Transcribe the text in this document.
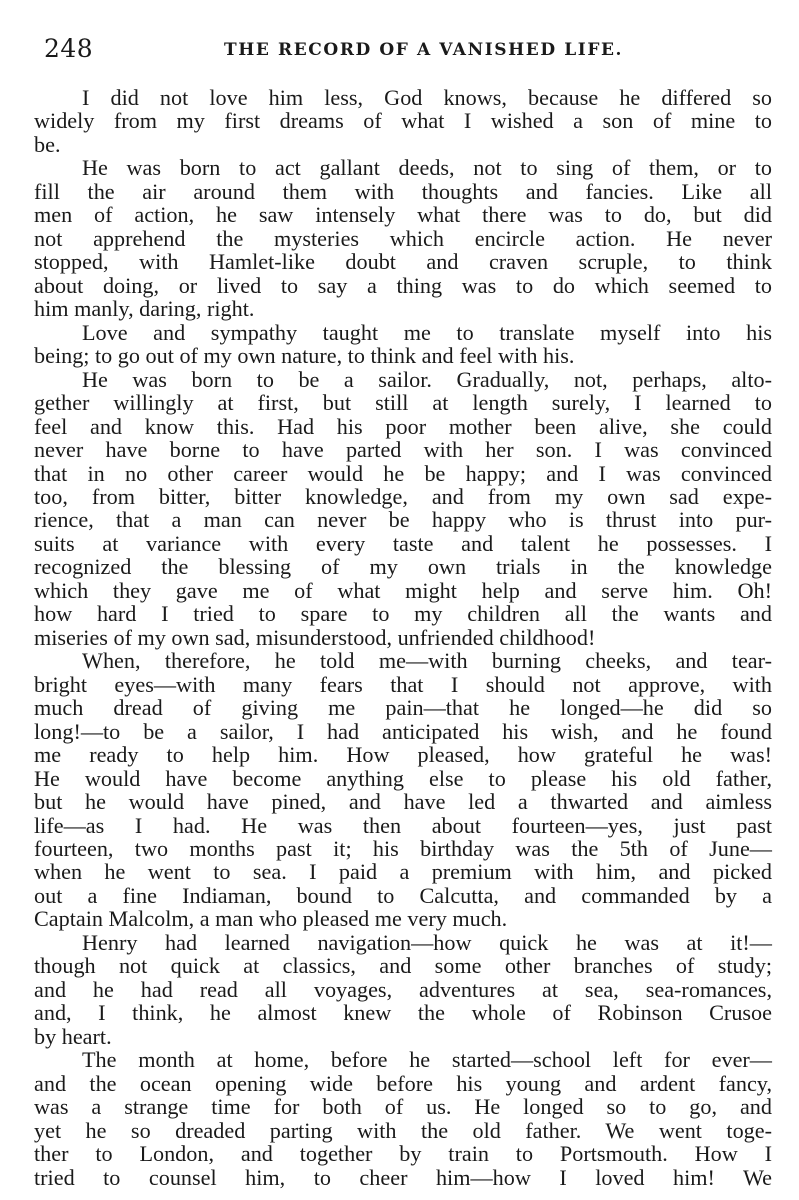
248	THE RECORD OF A VANISHED LIFE.
I did not love him less, God knows, because he differed so
widely from my first dreams of what I wished a son of mine to
be.
He was born to act gallant deeds, not to sing of them, or to
fill the air around them with thoughts and fancies. Like all
men of action, he saw intensely what there was to do, but did
not apprehend the mysteries which encircle action. He never
stopped, with Hamlet-like doubt and craven scruple, to think
about doing, or lived to say a thing was to do which seemed to
him manly, daring, right.
Love and sympathy taught me to translate myself into his
being; to go out of my own nature, to think and feel with his.
He was born to be a sailor. Gradually, not, perhaps, alto-
gether willingly at first, but still at length surely, I learned to
feel and know this. Had his poor mother been alive, she could
never have borne to have parted with her son. I was convinced
that in no other career would he be happy; and I was convinced
too, from bitter, bitter knowledge, and from my own sad expe-
rience, that a man can never be happy who is thrust into pur-
suits at variance with every taste and talent he possesses. I
recognized the blessing of my own trials in the knowledge
which they gave me of what might help and serve him. Oh!
how hard I tried to spare to my children all the wants and
miseries of my own sad, misunderstood, unfriended childhood!
When, therefore, he told me—with burning cheeks, and tear-
bright eyes—with many fears that I should not approve, with
much dread of giving me pain—that he longed—he did so
long!—to be a sailor, I had anticipated his wish, and he found
me ready to help him. How pleased, how grateful he was!
He would have become anything else to please his old father,
but he would have pined, and have led a thwarted and aimless
life—as I had. He was then about fourteen—yes, just past
fourteen, two months past it; his birthday was the 5th of June—
when he went to sea. I paid a premium with him, and picked
out a fine Indiaman, bound to Calcutta, and commanded by a
Captain Malcolm, a man who pleased me very much.
Henry had learned navigation—how quick he was at it!—
though not quick at classics, and some other branches of study;
and he had read all voyages, adventures at sea, sea-romances,
and, I think, he almost knew the whole of Robinson Crusoe
by heart.
The month at home, before he started—school left for ever—
and the ocean opening wide before his young and ardent fancy,
was a strange time for both of us. He longed so to go, and
yet he so dreaded parting with the old father. We went toge-
ther to London, and together by train to Portsmouth. How I
tried to counsel him, to cheer him—how I loved him! We
